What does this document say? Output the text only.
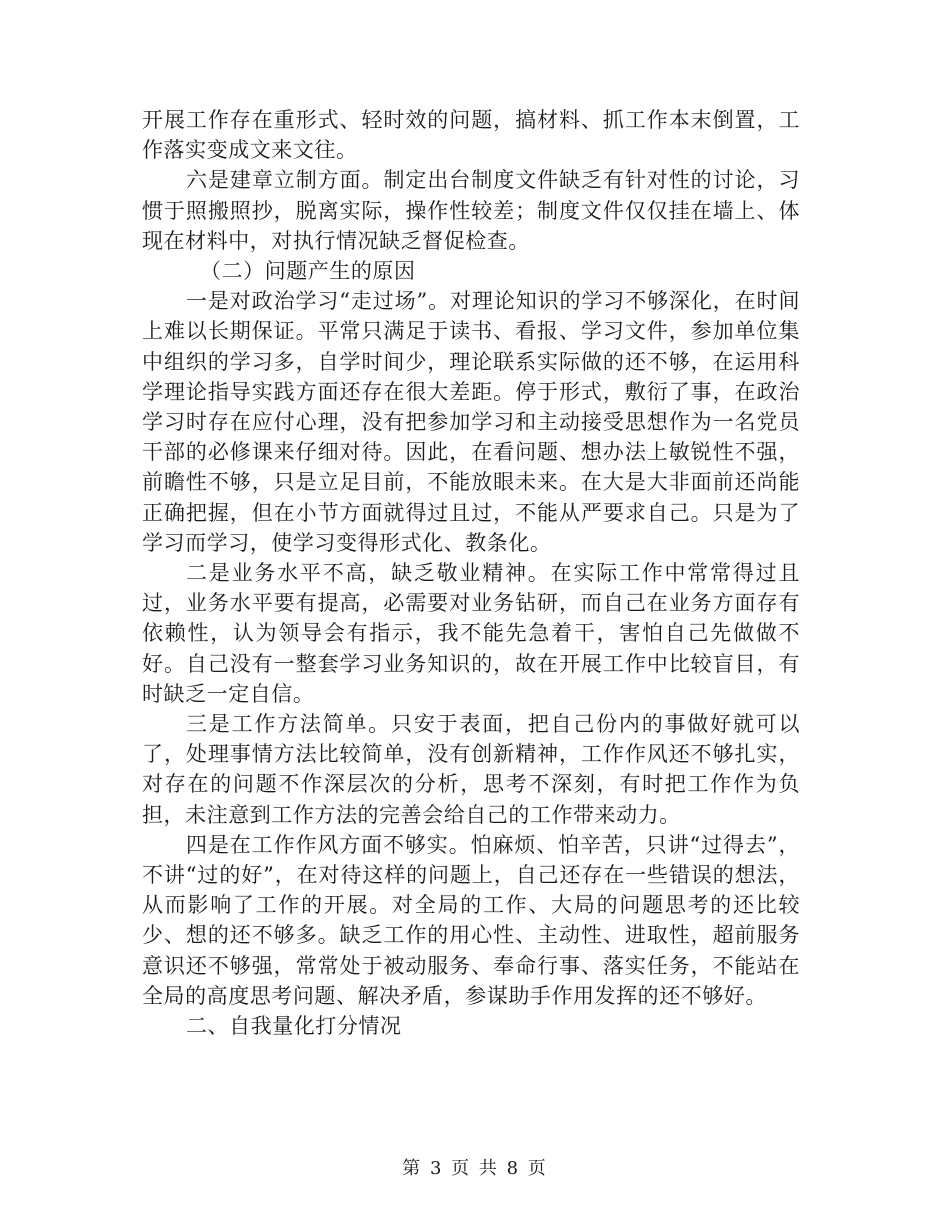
开展工作存在重形式、轻时效的问题，搞材料、抓工作本末倒置，工作落实变成文来文往。

六是建章立制方面。制定出台制度文件缺乏有针对性的讨论，习惯于照搬照抄，脱离实际，操作性较差；制度文件仅仅挂在墙上、体现在材料中，对执行情况缺乏督促检查。

（二）问题产生的原因

一是对政治学习“走过场”。对理论知识的学习不够深化，在时间上难以长期保证。平常只满足于读书、看报、学习文件，参加单位集中组织的学习多，自学时间少，理论联系实际做的还不够，在运用科学理论指导实践方面还存在很大差距。停于形式，敷衍了事，在政治学习时存在应付心理，没有把参加学习和主动接受思想作为一名党员干部的必修课来仔细对待。因此，在看问题、想办法上敏锐性不强，前瞻性不够，只是立足目前，不能放眼未来。在大是大非面前还尚能正确把握，但在小节方面就得过且过，不能从严要求自己。只是为了学习而学习，使学习变得形式化、教条化。

二是业务水平不高，缺乏敬业精神。在实际工作中常常得过且过，业务水平要有提高，必需要对业务钻研，而自己在业务方面存有依赖性，认为领导会有指示，我不能先急着干，害怕自己先做做不好。自己没有一整套学习业务知识的，故在开展工作中比较盲目，有时缺乏一定自信。

三是工作方法简单。只安于表面，把自己份内的事做好就可以了，处理事情方法比较简单，没有创新精神，工作作风还不够扎实，对存在的问题不作深层次的分析，思考不深刻，有时把工作作为负担，未注意到工作方法的完善会给自己的工作带来动力。

四是在工作作风方面不够实。怕麻烦、怕辛苦，只讲“过得去”，不讲“过的好”，在对待这样的问题上，自己还存在一些错误的想法，从而影响了工作的开展。对全局的工作、大局的问题思考的还比较少、想的还不够多。缺乏工作的用心性、主动性、进取性，超前服务意识还不够强，常常处于被动服务、奉命行事、落实任务，不能站在全局的高度思考问题、解决矛盾，参谋助手作用发挥的还不够好。

二、自我量化打分情况

第 3 页 共 8 页
